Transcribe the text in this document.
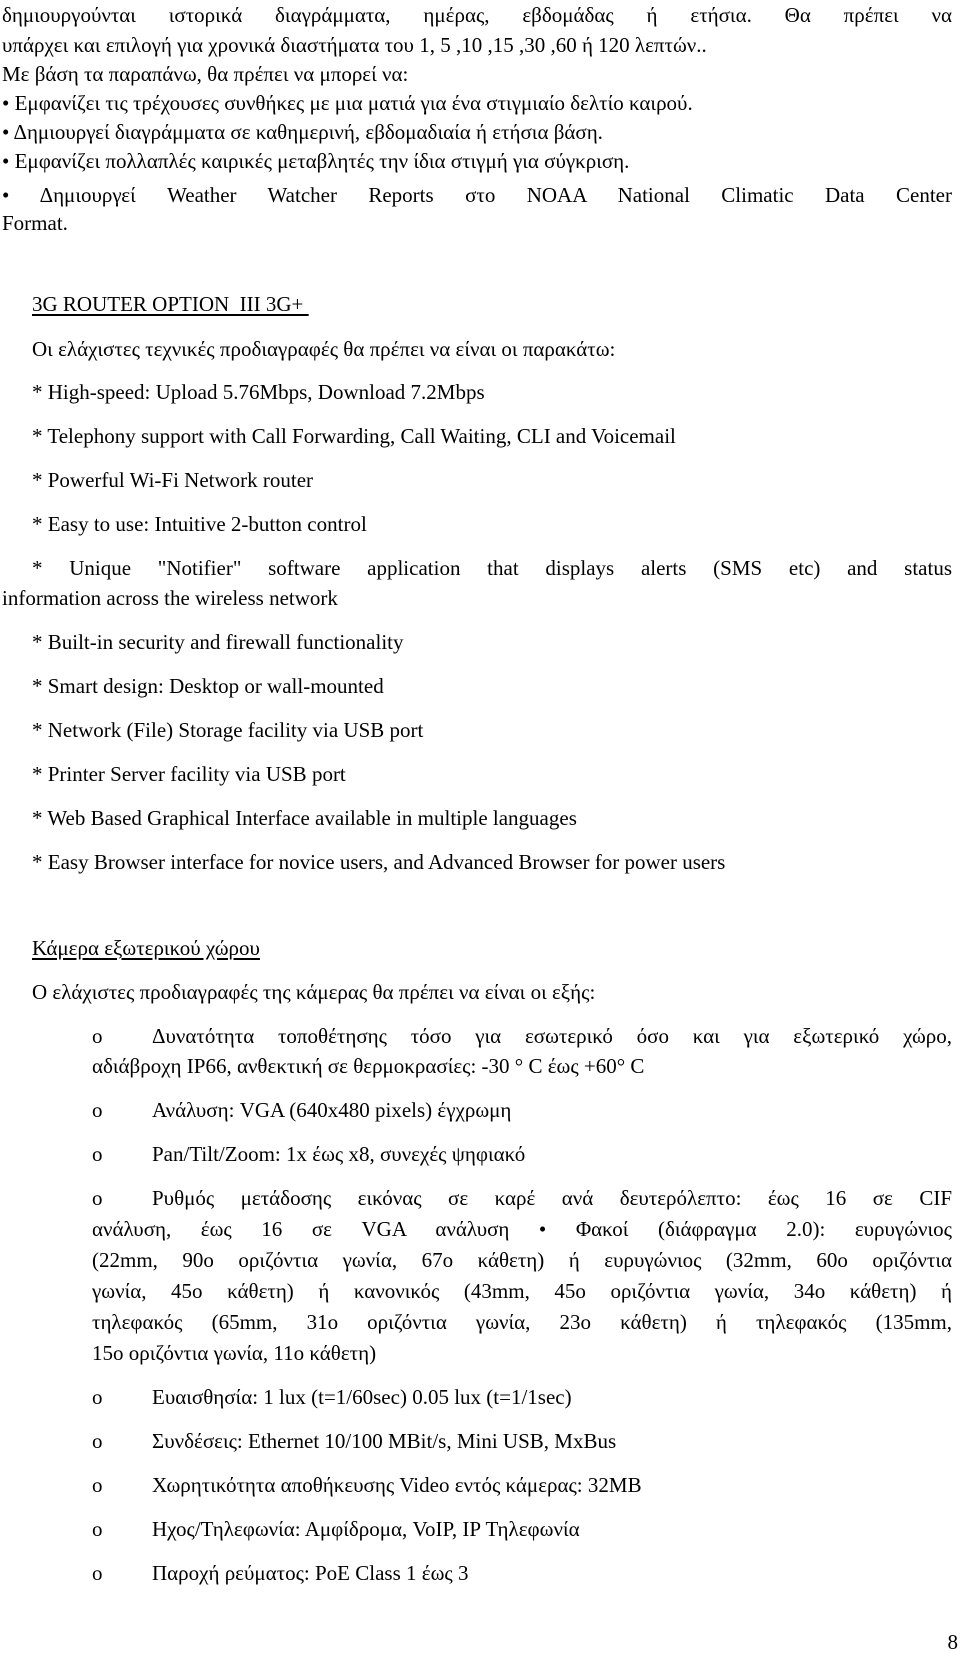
δημιουργούνται ιστορικά διαγράμματα, ημέρας, εβδομάδας ή ετήσια. Θα πρέπει να
υπάρχει και επιλογή για χρονικά διαστήματα του 1, 5 ,10 ,15 ,30 ,60 ή 120 λεπτών..
Με βάση τα παραπάνω, θα πρέπει να μπορεί να:
• Εμφανίζει τις τρέχουσες συνθήκες με μια ματιά για ένα στιγμιαίο δελτίο καιρού.
• Δημιουργεί διαγράμματα σε καθημερινή, εβδομαδιαία ή ετήσια βάση.
• Εμφανίζει πολλαπλές καιρικές μεταβλητές την ίδια στιγμή για σύγκριση.
• Δημιουργεί Weather Watcher Reports στο NOAA National Climatic Data Center
Format.
3G ROUTER OPTION  III 3G+
Οι ελάχιστες τεχνικές προδιαγραφές θα πρέπει να είναι οι παρακάτω:
* High-speed: Upload 5.76Mbps, Download 7.2Mbps
* Telephony support with Call Forwarding, Call Waiting, CLI and Voicemail
* Powerful Wi-Fi Network router
* Easy to use: Intuitive 2-button control
* Unique "Notifier" software application that displays alerts (SMS etc) and status
information across the wireless network
* Built-in security and firewall functionality
* Smart design: Desktop or wall-mounted
* Network (File) Storage facility via USB port
* Printer Server facility via USB port
* Web Based Graphical Interface available in multiple languages
* Easy Browser interface for novice users, and Advanced Browser for power users
Κάμερα εξωτερικού χώρου
Ο ελάχιστες προδιαγραφές της κάμερας θα πρέπει να είναι οι εξής:
o Δυνατότητα τοποθέτησης τόσο για εσωτερικό όσο και για εξωτερικό χώρο,
αδιάβροχη IP66, ανθεκτική σε θερμοκρασίες: -30 ° C έως +60° C
o Ανάλυση: VGA (640x480 pixels) έγχρωμη
o Pan/Tilt/Zoom: 1x έως x8, συνεχές ψηφιακό
o Ρυθμός μετάδοσης εικόνας σε καρέ ανά δευτερόλεπτο: έως 16 σε CIF
ανάλυση, έως 16 σε VGA ανάλυση • Φακοί (διάφραγμα 2.0): ευρυγώνιος
(22mm, 90ο οριζόντια γωνία, 67ο κάθετη) ή ευρυγώνιος (32mm, 60ο οριζόντια
γωνία, 45ο κάθετη) ή κανονικός (43mm, 45ο οριζόντια γωνία, 34ο κάθετη) ή
τηλεφακός (65mm, 31ο οριζόντια γωνία, 23ο κάθετη) ή τηλεφακός (135mm,
15ο οριζόντια γωνία, 11ο κάθετη)
o Ευαισθησία: 1 lux (t=1/60sec) 0.05 lux (t=1/1sec)
o Συνδέσεις: Ethernet 10/100 MBit/s, Mini USB, MxBus
o Χωρητικότητα αποθήκευσης Video εντός κάμερας: 32MB
o Ηχος/Τηλεφωνία: Αμφίδρομα, VoIP, IP Τηλεφωνία
o Παροχή ρεύματος: PoE Class 1 έως 3
8
